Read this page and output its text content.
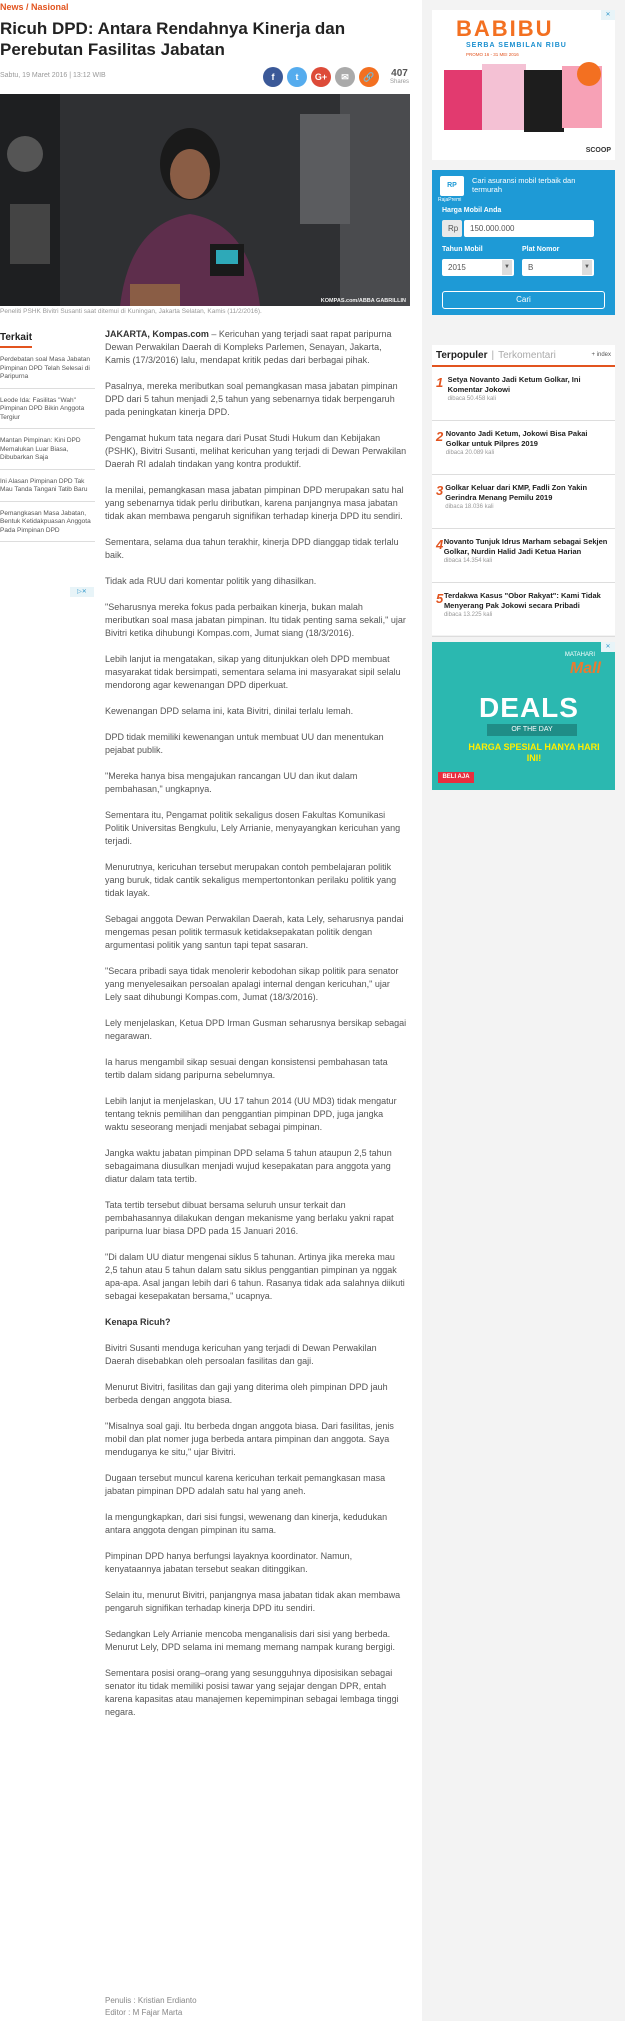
News / Nasional
Ricuh DPD: Antara Rendahnya Kinerja dan Perebutan Fasilitas Jabatan
Sabtu, 19 Maret 2016 | 13:12 WIB	f	t	G+	✉	🔗	407
Shares
KOMPAS.com/ABBA GABRILLIN
Peneliti PSHK Bivitri Susanti saat ditemui di Kuningan, Jakarta Selatan, Kamis (11/2/2016).
Terkait
Perdebatan soal Masa Jabatan Pimpinan DPD Telah Selesai di Paripurna
Leode Ida: Fasilitas "Wah" Pimpinan DPD Bikin Anggota Tergiur
Mantan Pimpinan: Kini DPD Memalukan Luar Biasa, Dibubarkan Saja
Ini Alasan Pimpinan DPD Tak Mau Tanda Tangani Tatib Baru
Pemangkasan Masa Jabatan, Bentuk Ketidakpuasan Anggota Pada Pimpinan DPD
▷✕

JAKARTA, Kompas.com – Kericuhan yang terjadi saat rapat paripurna Dewan Perwakilan Daerah di Kompleks Parlemen, Senayan, Jakarta, Kamis (17/3/2016) lalu, mendapat kritik pedas dari berbagai pihak.

Pasalnya, mereka meributkan soal pemangkasan masa jabatan pimpinan DPD dari 5 tahun menjadi 2,5 tahun yang sebenarnya tidak berpengaruh pada peningkatan kinerja DPD.

Pengamat hukum tata negara dari Pusat Studi Hukum dan Kebijakan (PSHK), Bivitri Susanti, melihat kericuhan yang terjadi di Dewan Perwakilan Daerah RI adalah tindakan yang kontra produktif.

Ia menilai, pemangkasan masa jabatan pimpinan DPD merupakan satu hal yang sebenarnya tidak perlu diributkan, karena panjangnya masa jabatan tidak akan membawa pengaruh signifikan terhadap kinerja DPD itu sendiri.

Sementara, selama dua tahun terakhir, kinerja DPD dianggap tidak terlalu baik.

Tidak ada RUU dari komentar politik yang dihasilkan.

"Seharusnya mereka fokus pada perbaikan kinerja, bukan malah meributkan soal masa jabatan pimpinan. Itu tidak penting sama sekali," ujar Bivitri ketika dihubungi Kompas.com, Jumat siang (18/3/2016).

Lebih lanjut ia mengatakan, sikap yang ditunjukkan oleh DPD membuat masyarakat tidak bersimpati, sementara selama ini masyarakat sipil selalu mendorong agar kewenangan DPD diperkuat.

Kewenangan DPD selama ini, kata Bivitri, dinilai terlalu lemah.

DPD tidak memiliki kewenangan untuk membuat UU dan menentukan pejabat publik.

"Mereka hanya bisa mengajukan rancangan UU dan ikut dalam pembahasan," ungkapnya.

Sementara itu, Pengamat politik sekaligus dosen Fakultas Komunikasi Politik Universitas Bengkulu, Lely Arrianie, menyayangkan kericuhan yang terjadi.

Menurutnya, kericuhan tersebut merupakan contoh pembelajaran politik yang buruk, tidak cantik sekaligus mempertontonkan perilaku politik yang tidak layak.

Sebagai anggota Dewan Perwakilan Daerah, kata Lely, seharusnya pandai mengemas pesan politik termasuk ketidaksepakatan politik dengan argumentasi politik yang santun tapi tepat sasaran.

"Secara pribadi saya tidak menolerir kebodohan sikap politik para senator yang menyelesaikan persoalan apalagi internal dengan kericuhan," ujar Lely saat dihubungi Kompas.com, Jumat (18/3/2016).

Lely menjelaskan, Ketua DPD Irman Gusman seharusnya bersikap sebagai negarawan.

Ia harus mengambil sikap sesuai dengan konsistensi pembahasan tata tertib dalam sidang paripurna sebelumnya.

Lebih lanjut ia menjelaskan, UU 17 tahun 2014 (UU MD3) tidak mengatur tentang teknis pemilihan dan penggantian pimpinan DPD, juga jangka waktu seseorang menjadi menjabat sebagai pimpinan.

Jangka waktu jabatan pimpinan DPD selama 5 tahun ataupun 2,5 tahun sebagaimana diusulkan menjadi wujud kesepakatan para anggota yang diatur dalam tata tertib.

Tata tertib tersebut dibuat bersama seluruh unsur terkait dan pembahasannya dilakukan dengan mekanisme yang berlaku yakni rapat paripurna luar biasa DPD pada 15 Januari 2016.

"Di dalam UU diatur mengenai siklus 5 tahunan. Artinya jika mereka mau 2,5 tahun atau 5 tahun dalam satu siklus penggantian pimpinan ya nggak apa-apa. Asal jangan lebih dari 6 tahun. Rasanya tidak ada salahnya diikuti sebagai kesepakatan bersama," ucapnya.

Kenapa Ricuh?

Bivitri Susanti menduga kericuhan yang terjadi di Dewan Perwakilan Daerah disebabkan oleh persoalan fasilitas dan gaji.

Menurut Bivitri, fasilitas dan gaji yang diterima oleh pimpinan DPD jauh berbeda dengan anggota biasa.

"Misalnya soal gaji. Itu berbeda dngan anggota biasa. Dari fasilitas, jenis mobil dan plat nomer juga berbeda antara pimpinan dan anggota. Saya menduganya ke situ," ujar Bivitri.

Dugaan tersebut muncul karena kericuhan terkait pemangkasan masa jabatan pimpinan DPD adalah satu hal yang aneh.

Ia mengungkapkan, dari sisi fungsi, wewenang dan kinerja, kedudukan antara anggota dengan pimpinan itu sama.

Pimpinan DPD hanya berfungsi layaknya koordinator. Namun, kenyataannya jabatan tersebut seakan ditinggikan.

Selain itu, menurut Bivitri, panjangnya masa jabatan tidak akan membawa pengaruh signifikan terhadap kinerja DPD itu sendiri.

Sedangkan Lely Arrianie mencoba menganalisis dari sisi yang berbeda. Menurut Lely, DPD selama ini memang memang nampak kurang bergigi.

Sementara posisi orang–orang yang sesungguhnya diposisikan sebagai senator itu tidak memiliki posisi tawar yang sejajar dengan DPR, entah karena kapasitas atau manajemen kepemimpinan sebagai lembaga tinggi negara.

Penulis : Kristian Erdianto
Editor : M Fajar Marta
BABIBU
SERBA SEMBILAN RIBU
PROMO 16 - 31 MEI 2016
SCOOP
✕
RP
RajaPremi
Cari asuransi mobil terbaik dan termurah
Harga Mobil Anda
Rp	150.000.000
Tahun Mobil
2015	▼
Plat Nomor
B	▼
Cari
Terpopuler | Terkomentari	+ index
1 Setya Novanto Jadi Ketum Golkar, Ini Komentar Jokowi
dibaca 50.458 kali
2 Novanto Jadi Ketum, Jokowi Bisa Pakai Golkar untuk Pilpres 2019
dibaca 20.089 kali
3 Golkar Keluar dari KMP, Fadli Zon Yakin Gerindra Menang Pemilu 2019
dibaca 18.036 kali
4 Novanto Tunjuk Idrus Marham sebagai Sekjen Golkar, Nurdin Halid Jadi Ketua Harian
dibaca 14.354 kali
5 Terdakwa Kasus "Obor Rakyat": Kami Tidak Menyerang Pak Jokowi secara Pribadi
dibaca 13.225 kali
MATAHARI
Mall
DEALS
OF THE DAY
HARGA SPESIAL HANYA HARI INI!
BELI AJA
✕
